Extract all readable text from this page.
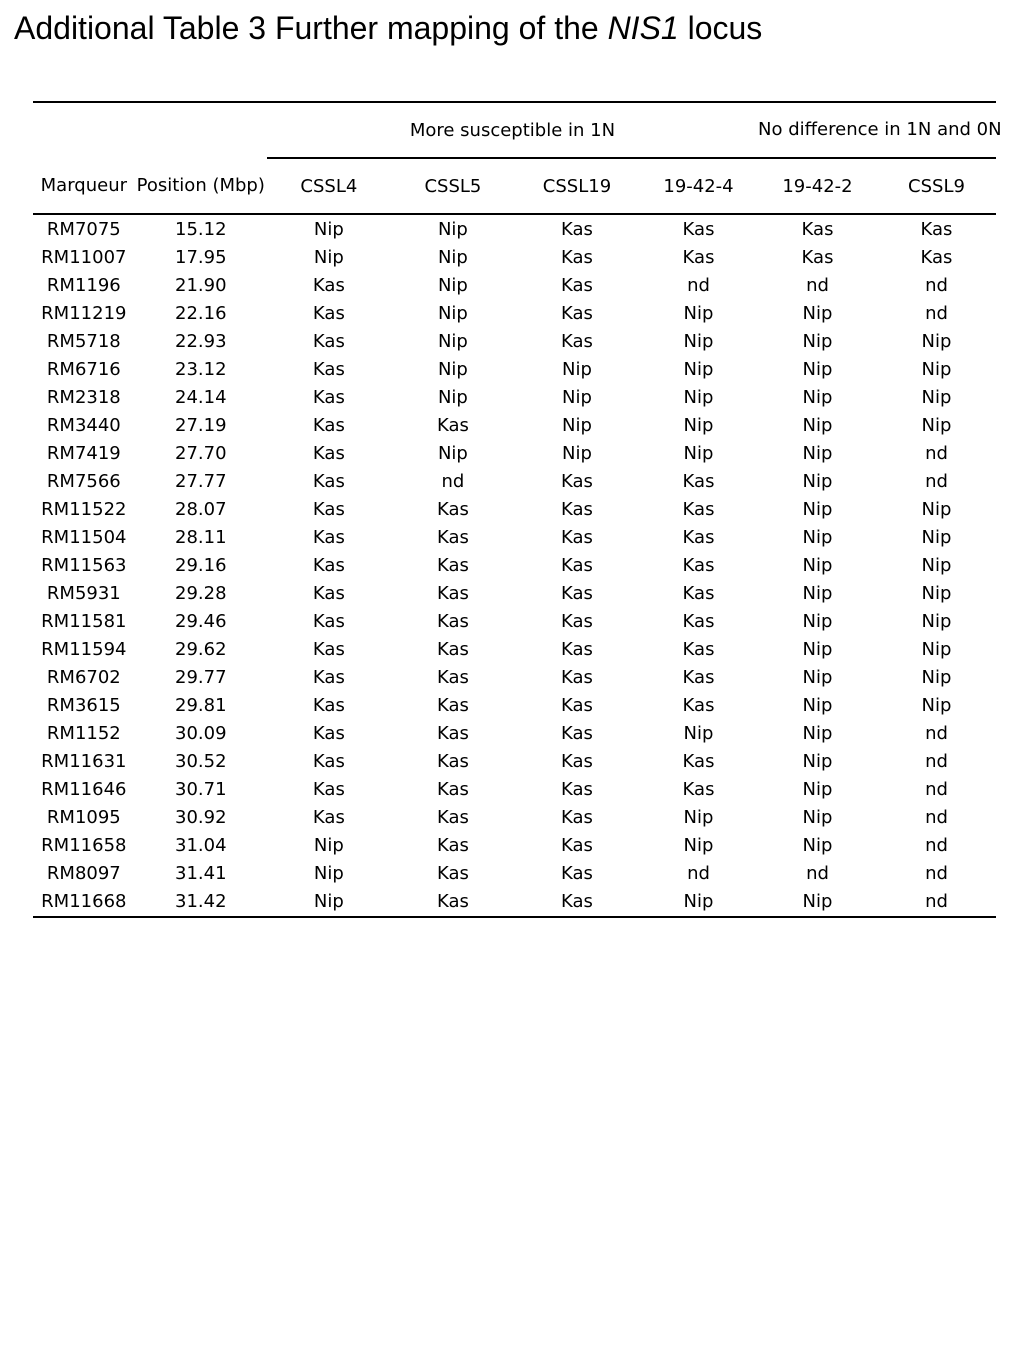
Additional Table 3 Further mapping of the NIS1 locus
		More susceptible in 1N				No difference in 1N and 0N	
Marqueur	Position (Mbp)	CSSL4	CSSL5	CSSL19	19-42-4	19-42-2	CSSL9
RM7075	15.12	Nip	Nip	Kas	Kas	Kas	Kas
RM11007	17.95	Nip	Nip	Kas	Kas	Kas	Kas
RM1196	21.90	Kas	Nip	Kas	nd	nd	nd
RM11219	22.16	Kas	Nip	Kas	Nip	Nip	nd
RM5718	22.93	Kas	Nip	Kas	Nip	Nip	Nip
RM6716	23.12	Kas	Nip	Nip	Nip	Nip	Nip
RM2318	24.14	Kas	Nip	Nip	Nip	Nip	Nip
RM3440	27.19	Kas	Kas	Nip	Nip	Nip	Nip
RM7419	27.70	Kas	Nip	Nip	Nip	Nip	nd
RM7566	27.77	Kas	nd	Kas	Kas	Nip	nd
RM11522	28.07	Kas	Kas	Kas	Kas	Nip	Nip
RM11504	28.11	Kas	Kas	Kas	Kas	Nip	Nip
RM11563	29.16	Kas	Kas	Kas	Kas	Nip	Nip
RM5931	29.28	Kas	Kas	Kas	Kas	Nip	Nip
RM11581	29.46	Kas	Kas	Kas	Kas	Nip	Nip
RM11594	29.62	Kas	Kas	Kas	Kas	Nip	Nip
RM6702	29.77	Kas	Kas	Kas	Kas	Nip	Nip
RM3615	29.81	Kas	Kas	Kas	Kas	Nip	Nip
RM1152	30.09	Kas	Kas	Kas	Nip	Nip	nd
RM11631	30.52	Kas	Kas	Kas	Kas	Nip	nd
RM11646	30.71	Kas	Kas	Kas	Kas	Nip	nd
RM1095	30.92	Kas	Kas	Kas	Nip	Nip	nd
RM11658	31.04	Nip	Kas	Kas	Nip	Nip	nd
RM8097	31.41	Nip	Kas	Kas	nd	nd	nd
RM11668	31.42	Nip	Kas	Kas	Nip	Nip	nd
